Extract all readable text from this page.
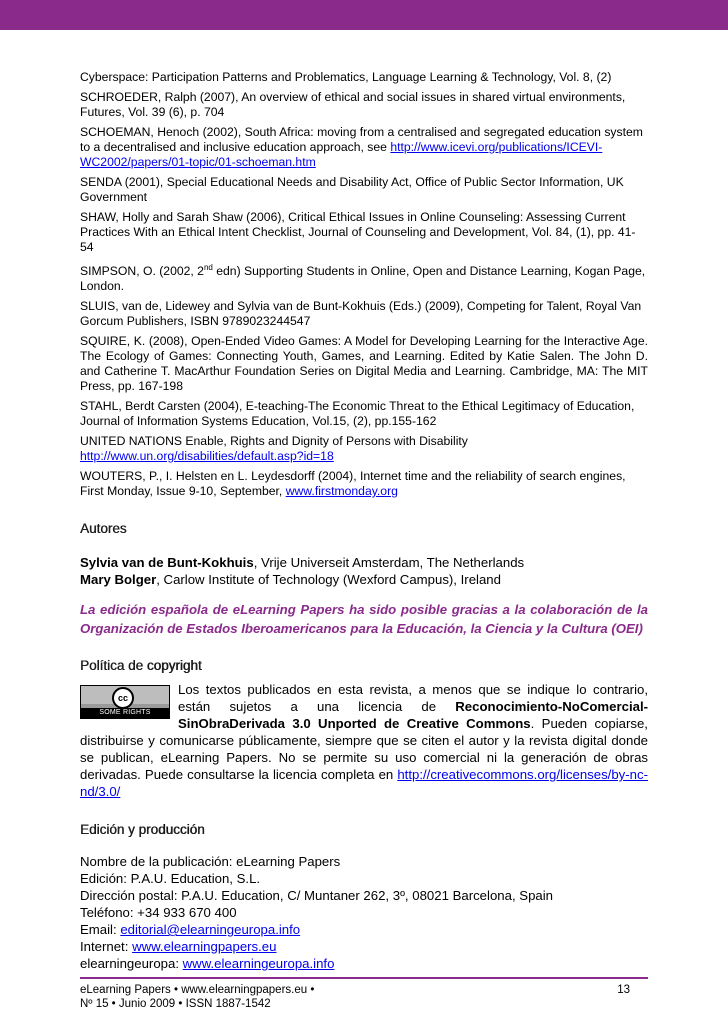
Cyberspace: Participation Patterns and Problematics, Language Learning & Technology, Vol. 8, (2)
SCHROEDER, Ralph (2007), An overview of ethical and social issues in shared virtual environments, Futures, Vol. 39 (6), p. 704
SCHOEMAN, Henoch (2002), South Africa: moving from a centralised and segregated education system to a decentralised and inclusive education approach, see http://www.icevi.org/publications/ICEVI-WC2002/papers/01-topic/01-schoeman.htm
SENDA (2001), Special Educational Needs and Disability Act, Office of Public Sector Information, UK Government
SHAW, Holly and Sarah Shaw (2006), Critical Ethical Issues in Online Counseling: Assessing Current Practices With an Ethical Intent Checklist, Journal of Counseling and Development, Vol. 84, (1), pp. 41-54
SIMPSON, O. (2002, 2nd edn) Supporting Students in Online, Open and Distance Learning, Kogan Page, London.
SLUIS, van de, Lidewey and Sylvia van de Bunt-Kokhuis (Eds.) (2009), Competing for Talent, Royal Van Gorcum Publishers, ISBN 9789023244547
SQUIRE, K. (2008), Open-Ended Video Games: A Model for Developing Learning for the Interactive Age. The Ecology of Games: Connecting Youth, Games, and Learning. Edited by Katie Salen. The John D. and Catherine T. MacArthur Foundation Series on Digital Media and Learning. Cambridge, MA: The MIT Press, pp. 167-198
STAHL, Berdt Carsten (2004), E-teaching-The Economic Threat to the Ethical Legitimacy of Education, Journal of Information Systems Education, Vol.15, (2), pp.155-162
UNITED NATIONS Enable, Rights and Dignity of Persons with Disability
http://www.un.org/disabilities/default.asp?id=18
WOUTERS, P., I. Helsten en L. Leydesdorff (2004), Internet time and the reliability of search engines, First Monday, Issue 9-10, September, www.firstmonday.org
Autores
Sylvia van de Bunt-Kokhuis, Vrije Universeit Amsterdam, The Netherlands
Mary Bolger, Carlow Institute of Technology (Wexford Campus), Ireland

La edición española de eLearning Papers ha sido posible gracias a la colaboración de la Organización de Estados Iberoamericanos para la Educación, la Ciencia y la Cultura (OEI)

Política de copyright
cc
SOME RIGHTS RESERVED
Los textos publicados en esta revista, a menos que se indique lo contrario, están sujetos a una licencia de Reconocimiento-NoComercial-SinObraDerivada 3.0 Unported de Creative Commons. Pueden copiarse, distribuirse y comunicarse públicamente, siempre que se citen el autor y la revista digital donde se publican, eLearning Papers. No se permite su uso comercial ni la generación de obras derivadas. Puede consultarse la licencia completa en http://creativecommons.org/licenses/by-nc-nd/3.0/
Edición y producción
Nombre de la publicación: eLearning Papers
Edición: P.A.U. Education, S.L.
Dirección postal: P.A.U. Education, C/ Muntaner 262, 3º, 08021 Barcelona, Spain
Teléfono: +34 933 670 400
Email: editorial@elearningeuropa.info
Internet: www.elearningpapers.eu
elearningeuropa: www.elearningeuropa.info
eLearning Papers • www.elearningpapers.eu •
Nº 15 • Junio 2009 • ISSN 1887-1542
13
